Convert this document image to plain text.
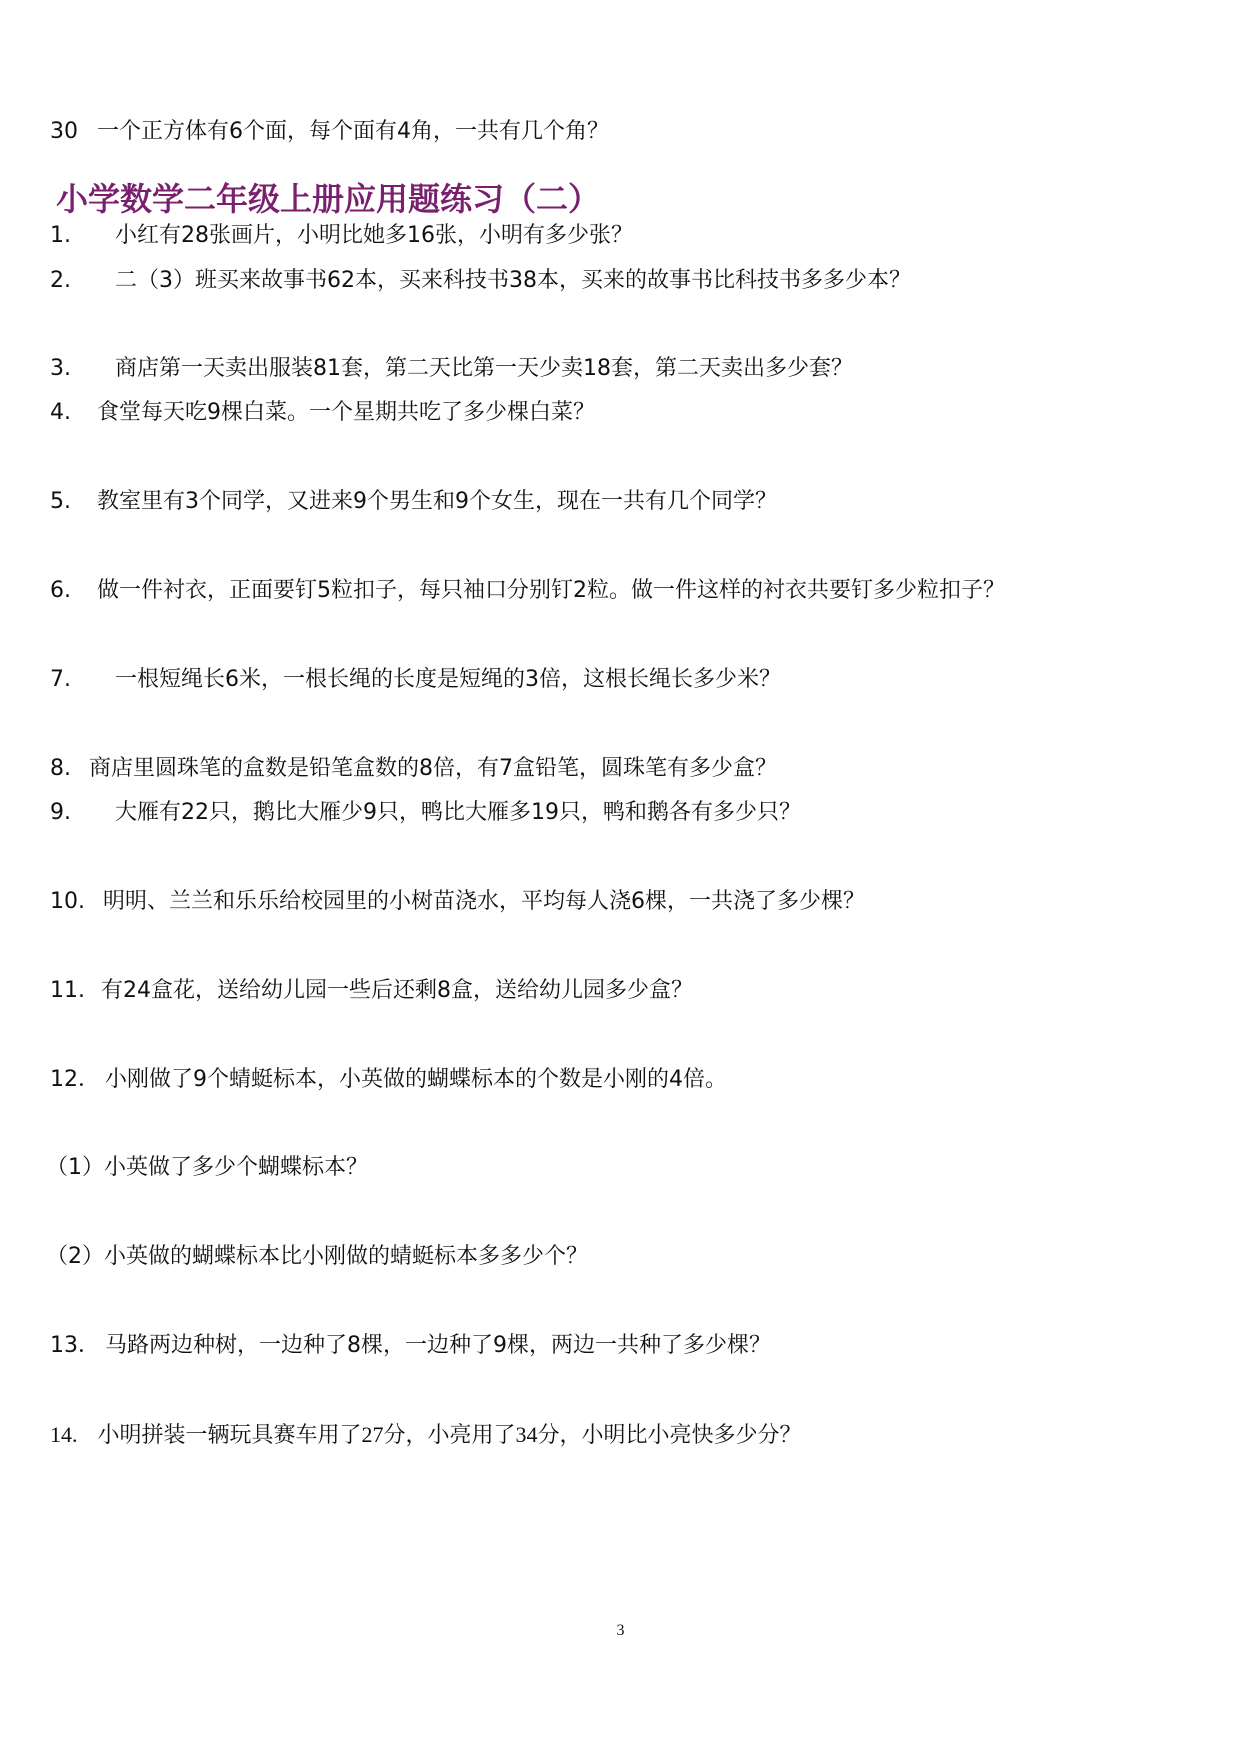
30 一个正方体有6个面，每个面有4角，一共有几个角？
小学数学二年级上册应用题练习（二）
1. 小红有28张画片，小明比她多16张，小明有多少张？
2. 二（3）班买来故事书62本，买来科技书38本，买来的故事书比科技书多多少本？
3. 商店第一天卖出服装81套，第二天比第一天少卖18套，第二天卖出多少套？
4. 食堂每天吃9棵白菜。一个星期共吃了多少棵白菜？
5. 教室里有3个同学，又进来9个男生和9个女生，现在一共有几个同学？
6. 做一件衬衣，正面要钉5粒扣子，每只袖口分别钉2粒。做一件这样的衬衣共要钉多少粒扣子？
7. 一根短绳长6米，一根长绳的长度是短绳的3倍，这根长绳长多少米？
8. 商店里圆珠笔的盒数是铅笔盒数的8倍，有7盒铅笔，圆珠笔有多少盒？
9. 大雁有22只，鹅比大雁少9只，鸭比大雁多19只，鸭和鹅各有多少只？
10. 明明、兰兰和乐乐给校园里的小树苗浇水，平均每人浇6棵，一共浇了多少棵？
11. 有24盒花，送给幼儿园一些后还剩8盒，送给幼儿园多少盒？
12． 小刚做了9个蜻蜓标本，小英做的蝴蝶标本的个数是小刚的4倍。
（1）小英做了多少个蝴蝶标本？
（2）小英做的蝴蝶标本比小刚做的蜻蜓标本多多少个？
13． 马路两边种树，一边种了8棵，一边种了9棵，两边一共种了多少棵？
14. 小明拼装一辆玩具赛车用了27分，小亮用了34分，小明比小亮快多少分？
3
